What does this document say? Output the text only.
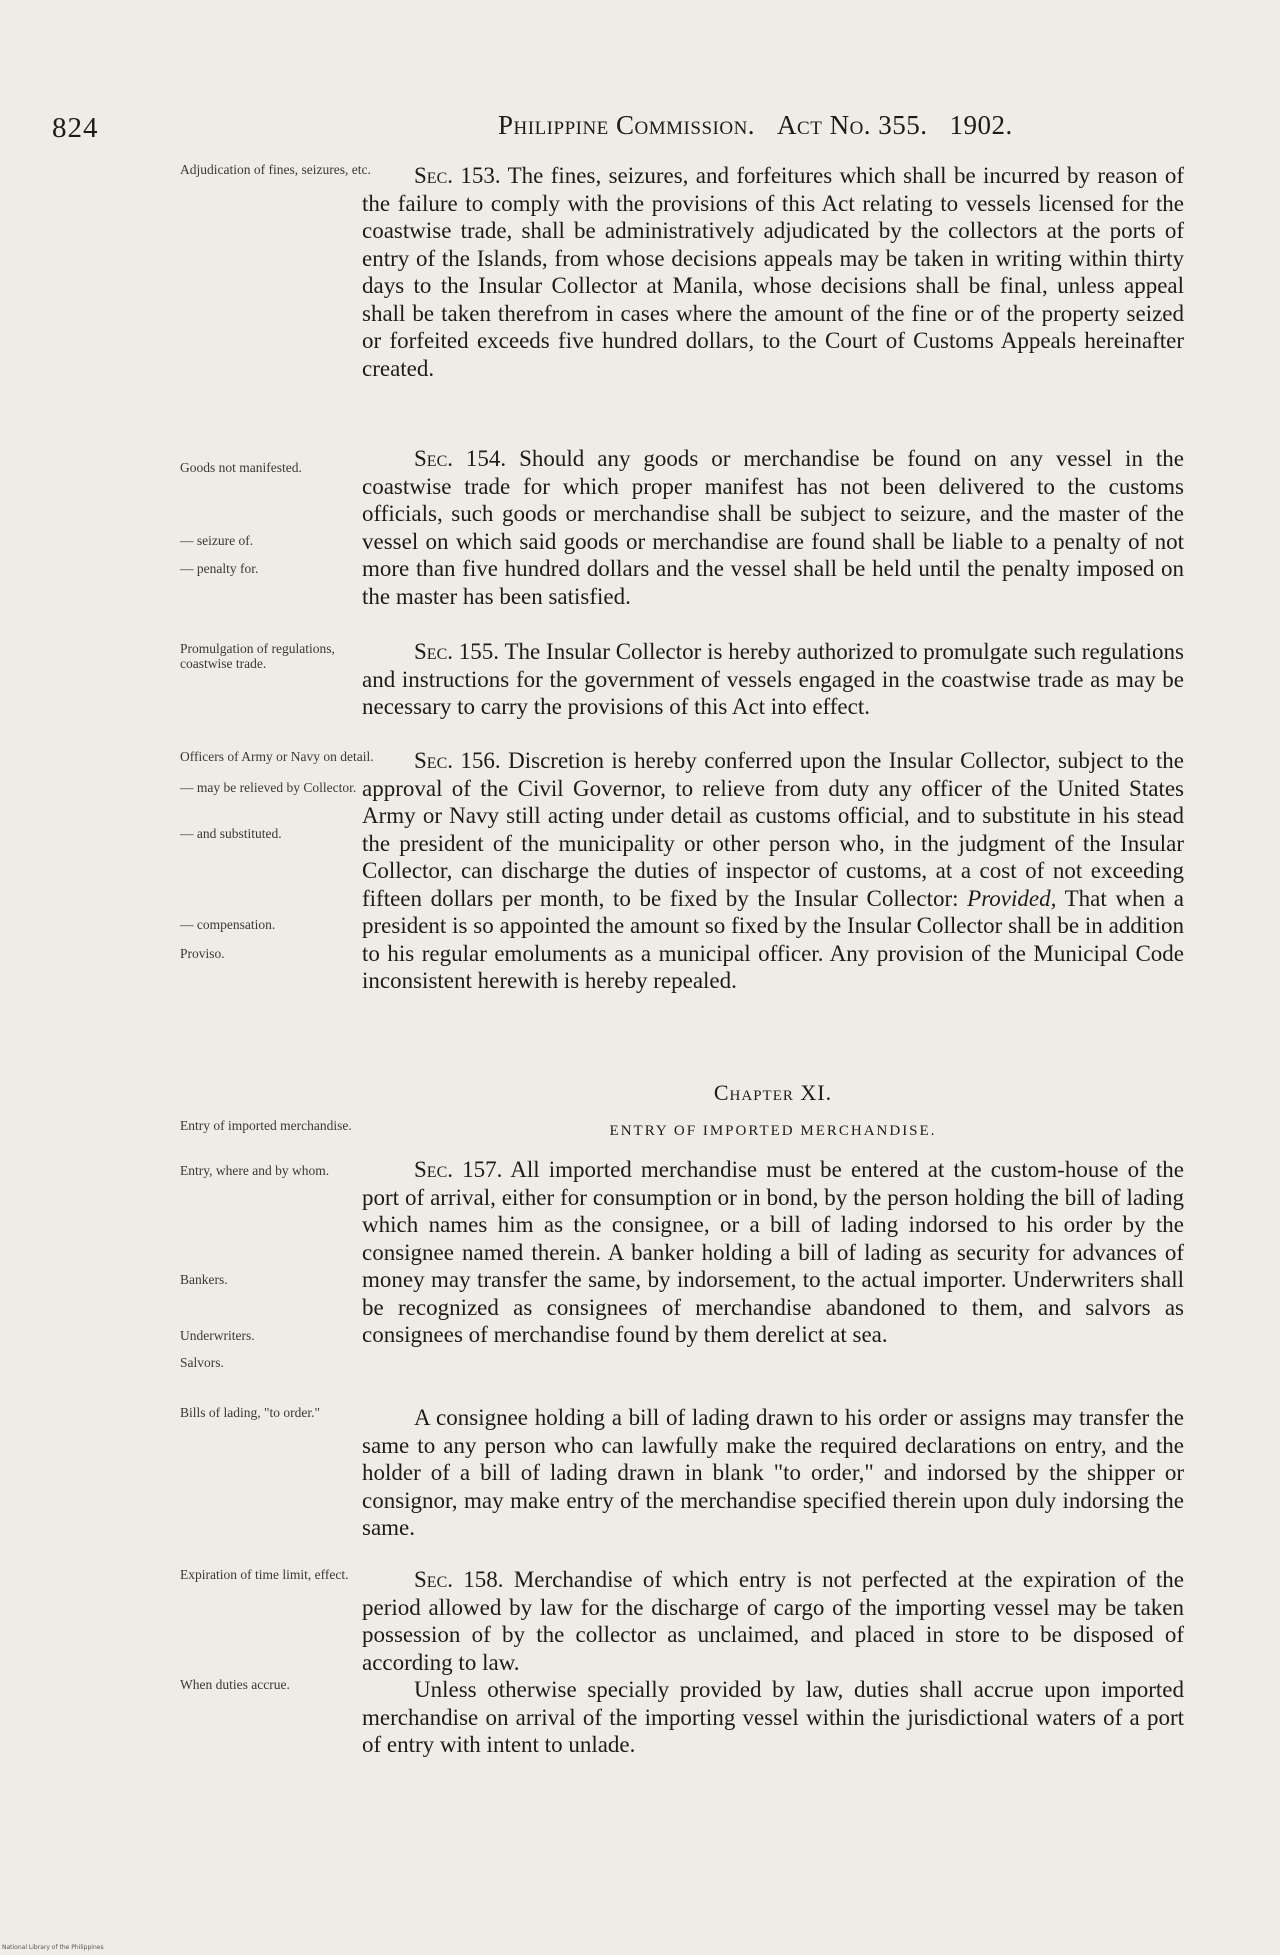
824	Philippine Commission. Act No. 355. 1902.
Adjudication of fines, seizures, etc.
Goods not manifested.
— seizure of.
— penalty for.
Promulgation of regulations, coastwise trade.
Officers of Army or Navy on detail.
— may be relieved by Collector.
— and substituted.
— compensation.
Proviso.
Entry of imported merchandise.
Entry, where and by whom.
Bankers.
Underwriters.
Salvors.
Bills of lading, "to order."
Expiration of time limit, effect.
When duties accrue.

Sec. 153. The fines, seizures, and forfeitures which shall be incurred by reason of the failure to comply with the provisions of this Act relating to vessels licensed for the coastwise trade, shall be administratively adjudicated by the collectors at the ports of entry of the Islands, from whose decisions appeals may be taken in writing within thirty days to the Insular Collector at Manila, whose decisions shall be final, unless appeal shall be taken therefrom in cases where the amount of the fine or of the property seized or forfeited exceeds five hundred dollars, to the Court of Customs Appeals hereinafter created.

Sec. 154. Should any goods or merchandise be found on any vessel in the coastwise trade for which proper manifest has not been delivered to the customs officials, such goods or merchandise shall be subject to seizure, and the master of the vessel on which said goods or merchandise are found shall be liable to a penalty of not more than five hundred dollars and the vessel shall be held until the penalty imposed on the master has been satisfied.

Sec. 155. The Insular Collector is hereby authorized to promulgate such regulations and instructions for the government of vessels engaged in the coastwise trade as may be necessary to carry the provisions of this Act into effect.

Sec. 156. Discretion is hereby conferred upon the Insular Collector, subject to the approval of the Civil Governor, to relieve from duty any officer of the United States Army or Navy still acting under detail as customs official, and to substitute in his stead the president of the municipality or other person who, in the judgment of the Insular Collector, can discharge the duties of inspector of customs, at a cost of not exceeding fifteen dollars per month, to be fixed by the Insular Collector: Provided, That when a president is so appointed the amount so fixed by the Insular Collector shall be in addition to his regular emoluments as a municipal officer. Any provision of the Municipal Code inconsistent herewith is hereby repealed.

Chapter XI.
ENTRY OF IMPORTED MERCHANDISE.

Sec. 157. All imported merchandise must be entered at the custom-house of the port of arrival, either for consumption or in bond, by the person holding the bill of lading which names him as the consignee, or a bill of lading indorsed to his order by the consignee named therein. A banker holding a bill of lading as security for advances of money may transfer the same, by indorsement, to the actual importer. Underwriters shall be recognized as consignees of merchandise abandoned to them, and salvors as consignees of merchandise found by them derelict at sea.

A consignee holding a bill of lading drawn to his order or assigns may transfer the same to any person who can lawfully make the required declarations on entry, and the holder of a bill of lading drawn in blank "to order," and indorsed by the shipper or consignor, may make entry of the merchandise specified therein upon duly indorsing the same.

Sec. 158. Merchandise of which entry is not perfected at the expiration of the period allowed by law for the discharge of cargo of the importing vessel may be taken possession of by the collector as unclaimed, and placed in store to be disposed of according to law.

Unless otherwise specially provided by law, duties shall accrue upon imported merchandise on arrival of the importing vessel within the jurisdictional waters of a port of entry with intent to unlade.

National Library of the Philippines
